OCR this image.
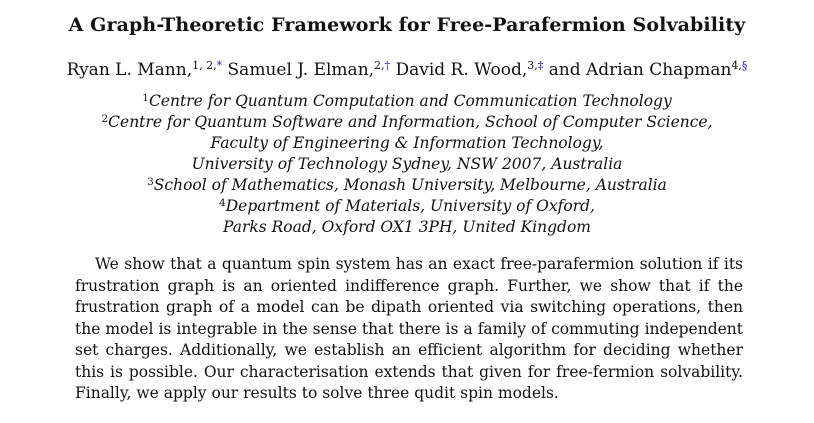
A Graph-Theoretic Framework for Free-Parafermion Solvability
Ryan L. Mann,$^{1, 2,*}$ Samuel J. Elman,$^{2,\dagger}$ David R. Wood,$^{3,\ddagger}$ and Adrian Chapman$^{4,\S}$
$^1$Centre for Quantum Computation and Communication Technology
$^2$Centre for Quantum Software and Information, School of Computer Science,
Faculty of Engineering & Information Technology,
University of Technology Sydney, NSW 2007, Australia
$^3$School of Mathematics, Monash University, Melbourne, Australia
$^4$Department of Materials, University of Oxford,
Parks Road, Oxford OX1 3PH, United Kingdom

We show that a quantum spin system has an exact free-parafermion solution if its frustration graph is an oriented indifference graph. Further, we show that if the frustration graph of a model can be dipath oriented via switching operations, then the model is integrable in the sense that there is a family of commuting independent set charges. Additionally, we establish an efficient algorithm for deciding whether this is possible. Our characterisation extends that given for free-fermion solvability. Finally, we apply our results to solve three qudit spin models.
